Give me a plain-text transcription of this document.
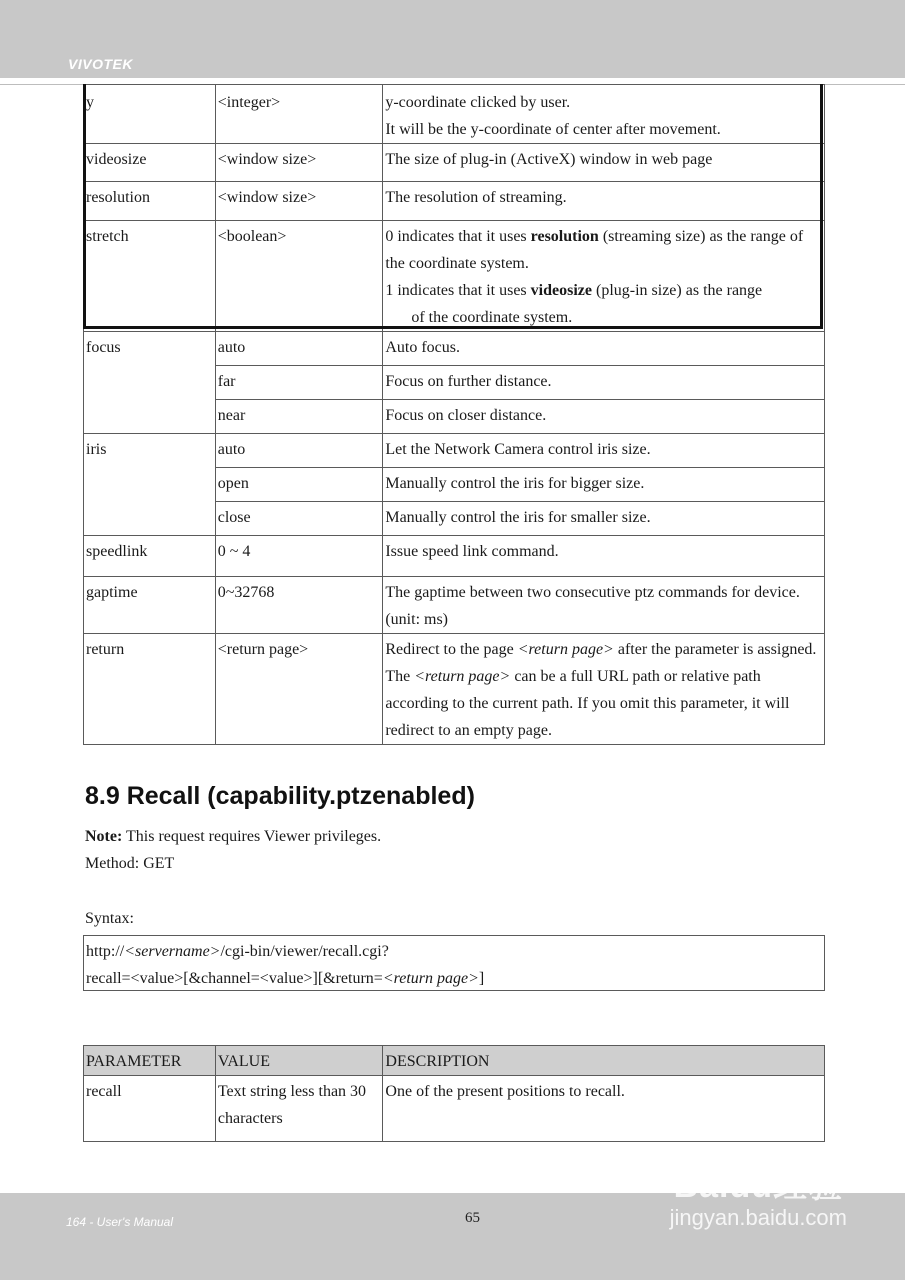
VIVOTEK
y	<integer>	y-coordinate clicked by user.
It will be the y-coordinate of center after movement.
videosize	<window size>	The size of plug-in (ActiveX) window in web page
resolution	<window size>	The resolution of streaming.
stretch	<boolean>	0 indicates that it uses resolution (streaming size) as the range of the coordinate system.
1 indicates that it uses videosize (plug-in size) as the range
of the coordinate system.

focus	auto	Auto focus.
	far	Focus on further distance.
	near	Focus on closer distance.
iris	auto	Let the Network Camera control iris size.
	open	Manually control the iris for bigger size.
	close	Manually control the iris for smaller size.
speedlink	0 ~ 4	Issue speed link command.
gaptime	0~32768	The gaptime between two consecutive ptz commands for device. (unit: ms)
return	<return page>	Redirect to the page <return page> after the parameter is assigned. The <return page> can be a full URL path or relative path according to the current path. If you omit this parameter, it will redirect to an empty page.
8.9 Recall (capability.ptzenabled)
Note: This request requires Viewer privileges.
Method: GET
Syntax:
http://<servername>/cgi-bin/viewer/recall.cgi?
recall=<value>[&channel=<value>][&return=<return page>]
PARAMETER	VALUE	DESCRIPTION
recall	Text string less than 30 characters	One of the present positions to recall.
164 - User's Manual	65
Baidu经验
jingyan.baidu.com
